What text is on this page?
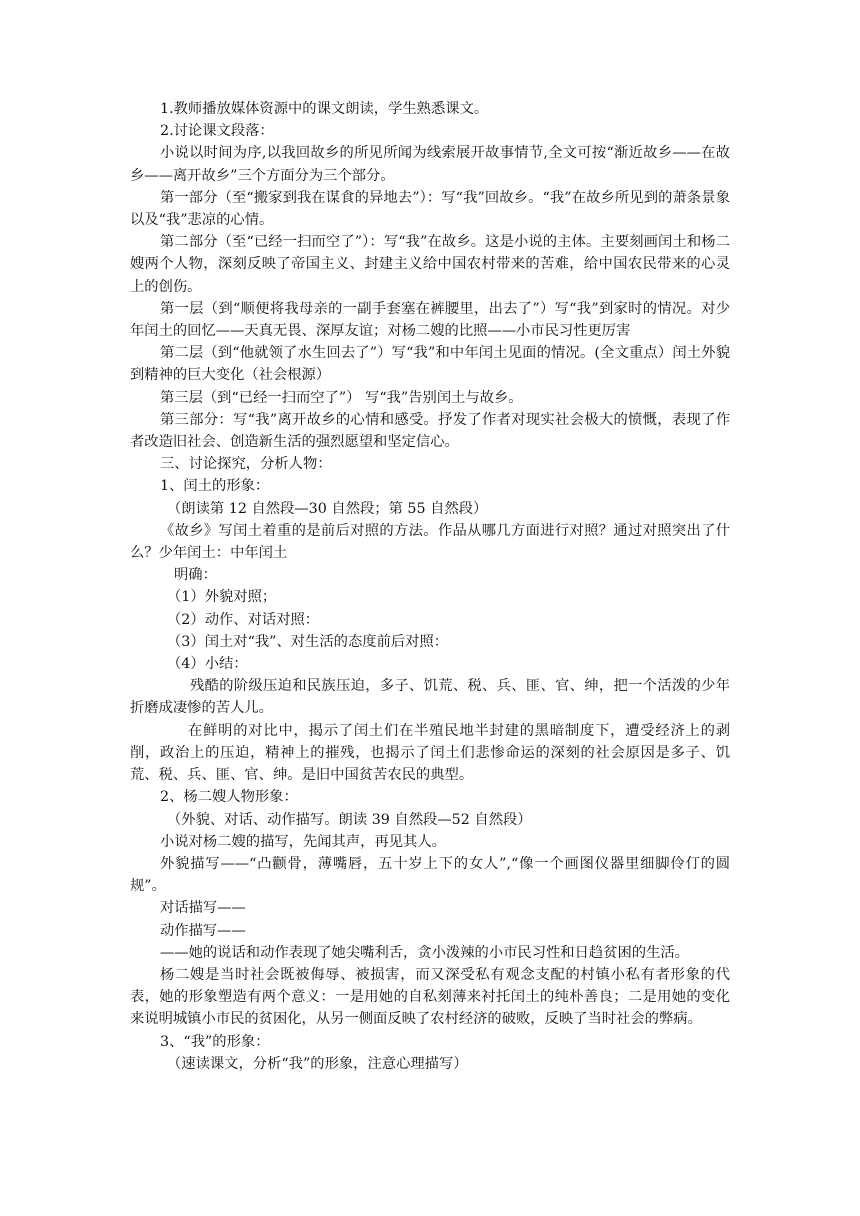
1.教师播放媒体资源中的课文朗读，学生熟悉课文。

2.讨论课文段落：

小说以时间为序,以我回故乡的所见所闻为线索展开故事情节,全文可按“渐近故乡——在故乡——离开故乡”三个方面分为三个部分。

第一部分（至“搬家到我在谋食的异地去”）：写“我”回故乡。“我”在故乡所见到的萧条景象以及“我”悲凉的心情。

第二部分（至“已经一扫而空了”）：写“我”在故乡。这是小说的主体。主要刻画闰土和杨二嫂两个人物，深刻反映了帝国主义、封建主义给中国农村带来的苦难，给中国农民带来的心灵上的创伤。

第一层（到“顺便将我母亲的一副手套塞在裤腰里，出去了”）写“我”到家时的情况。对少年闰土的回忆——天真无畏、深厚友谊；对杨二嫂的比照——小市民习性更厉害

第二层（到“他就领了水生回去了”）写“我”和中年闰土见面的情况。(全文重点）闰土外貌到精神的巨大变化（社会根源）

第三层（到“已经一扫而空了”） 写“我”告别闰土与故乡。

第三部分：写“我”离开故乡的心情和感受。抒发了作者对现实社会极大的愤慨，表现了作者改造旧社会、创造新生活的强烈愿望和坚定信心。

三、讨论探究，分析人物：

1、闰土的形象：

（朗读第 12 自然段—30 自然段；第 55 自然段）

《故乡》写闰土着重的是前后对照的方法。作品从哪几方面进行对照？通过对照突出了什么？少年闰土：中年闰土

明确：

（1）外貌对照；

（2）动作、对话对照：

（3）闰土对“我”、对生活的态度前后对照：

（4）小结：

残酷的阶级压迫和民族压迫，多子、饥荒、税、兵、匪、官、绅，把一个活泼的少年折磨成凄惨的苦人儿。

在鲜明的对比中，揭示了闰土们在半殖民地半封建的黑暗制度下，遭受经济上的剥削，政治上的压迫，精神上的摧残，也揭示了闰土们悲惨命运的深刻的社会原因是多子、饥荒、税、兵、匪、官、绅。是旧中国贫苦农民的典型。

2、杨二嫂人物形象：

（外貌、对话、动作描写。朗读 39 自然段—52 自然段）

小说对杨二嫂的描写，先闻其声，再见其人。

外貌描写——“凸颧骨，薄嘴唇，五十岁上下的女人”,“像一个画图仪器里细脚伶仃的圆规”。

对话描写——

动作描写——

——她的说话和动作表现了她尖嘴利舌，贪小泼辣的小市民习性和日趋贫困的生活。

杨二嫂是当时社会既被侮辱、被损害，而又深受私有观念支配的村镇小私有者形象的代表，她的形象塑造有两个意义：一是用她的自私刻薄来衬托闰土的纯朴善良；二是用她的变化来说明城镇小市民的贫困化，从另一侧面反映了农村经济的破败，反映了当时社会的弊病。

3、“我”的形象：

（速读课文，分析“我”的形象，注意心理描写）
